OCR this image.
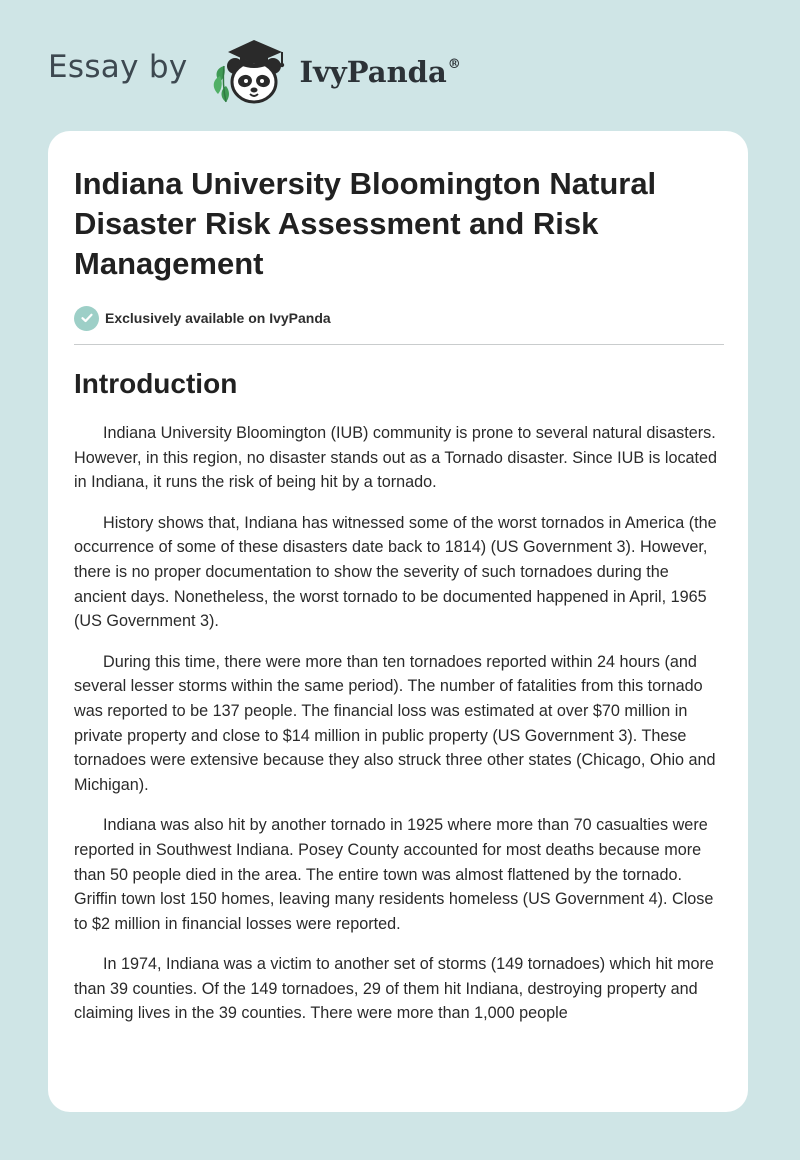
Essay by	IvyPanda®
Indiana University Bloomington Natural Disaster Risk Assessment and Risk Management
Exclusively available on IvyPanda
Introduction

Indiana University Bloomington (IUB) community is prone to several natural disasters. However, in this region, no disaster stands out as a Tornado disaster. Since IUB is located in Indiana, it runs the risk of being hit by a tornado.

History shows that, Indiana has witnessed some of the worst tornados in America (the occurrence of some of these disasters date back to 1814) (US Government 3). However, there is no proper documentation to show the severity of such tornadoes during the ancient days. Nonetheless, the worst tornado to be documented happened in April, 1965 (US Government 3).

During this time, there were more than ten tornadoes reported within 24 hours (and several lesser storms within the same period). The number of fatalities from this tornado was reported to be 137 people. The financial loss was estimated at over $70 million in private property and close to $14 million in public property (US Government 3). These tornadoes were extensive because they also struck three other states (Chicago, Ohio and Michigan).

Indiana was also hit by another tornado in 1925 where more than 70 casualties were reported in Southwest Indiana. Posey County accounted for most deaths because more than 50 people died in the area. The entire town was almost flattened by the tornado. Griffin town lost 150 homes, leaving many residents homeless (US Government 4). Close to $2 million in financial losses were reported.

In 1974, Indiana was a victim to another set of storms (149 tornadoes) which hit more than 39 counties. Of the 149 tornadoes, 29 of them hit Indiana, destroying property and claiming lives in the 39 counties. There were more than 1,000 people
